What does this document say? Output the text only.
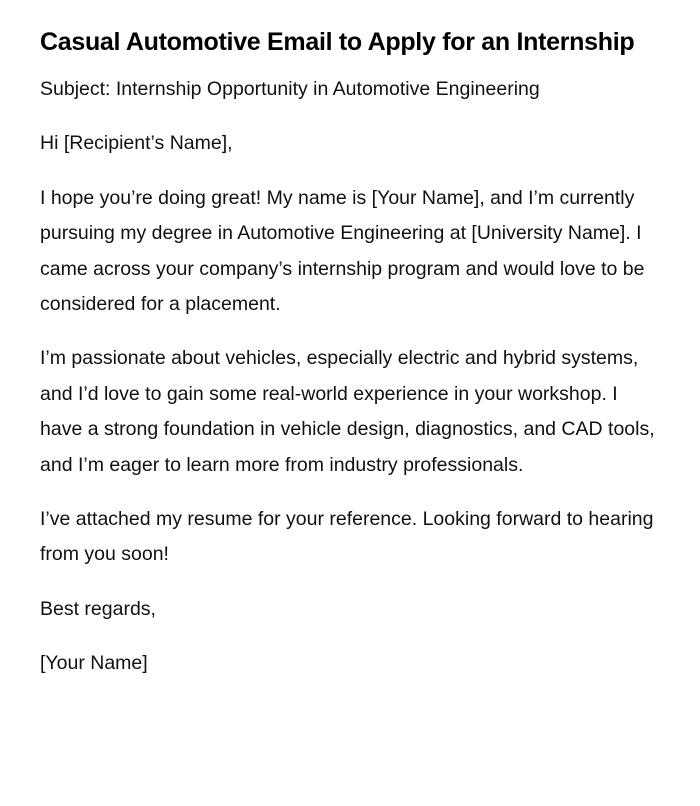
Casual Automotive Email to Apply for an Internship

Subject: Internship Opportunity in Automotive Engineering

Hi [Recipient’s Name],

I hope you’re doing great! My name is [Your Name], and I’m currently pursuing my degree in Automotive Engineering at [University Name]. I came across your company’s internship program and would love to be considered for a placement.

I’m passionate about vehicles, especially electric and hybrid systems, and I’d love to gain some real-world experience in your workshop. I have a strong foundation in vehicle design, diagnostics, and CAD tools, and I’m eager to learn more from industry professionals.

I’ve attached my resume for your reference. Looking forward to hearing from you soon!

Best regards,

[Your Name]
